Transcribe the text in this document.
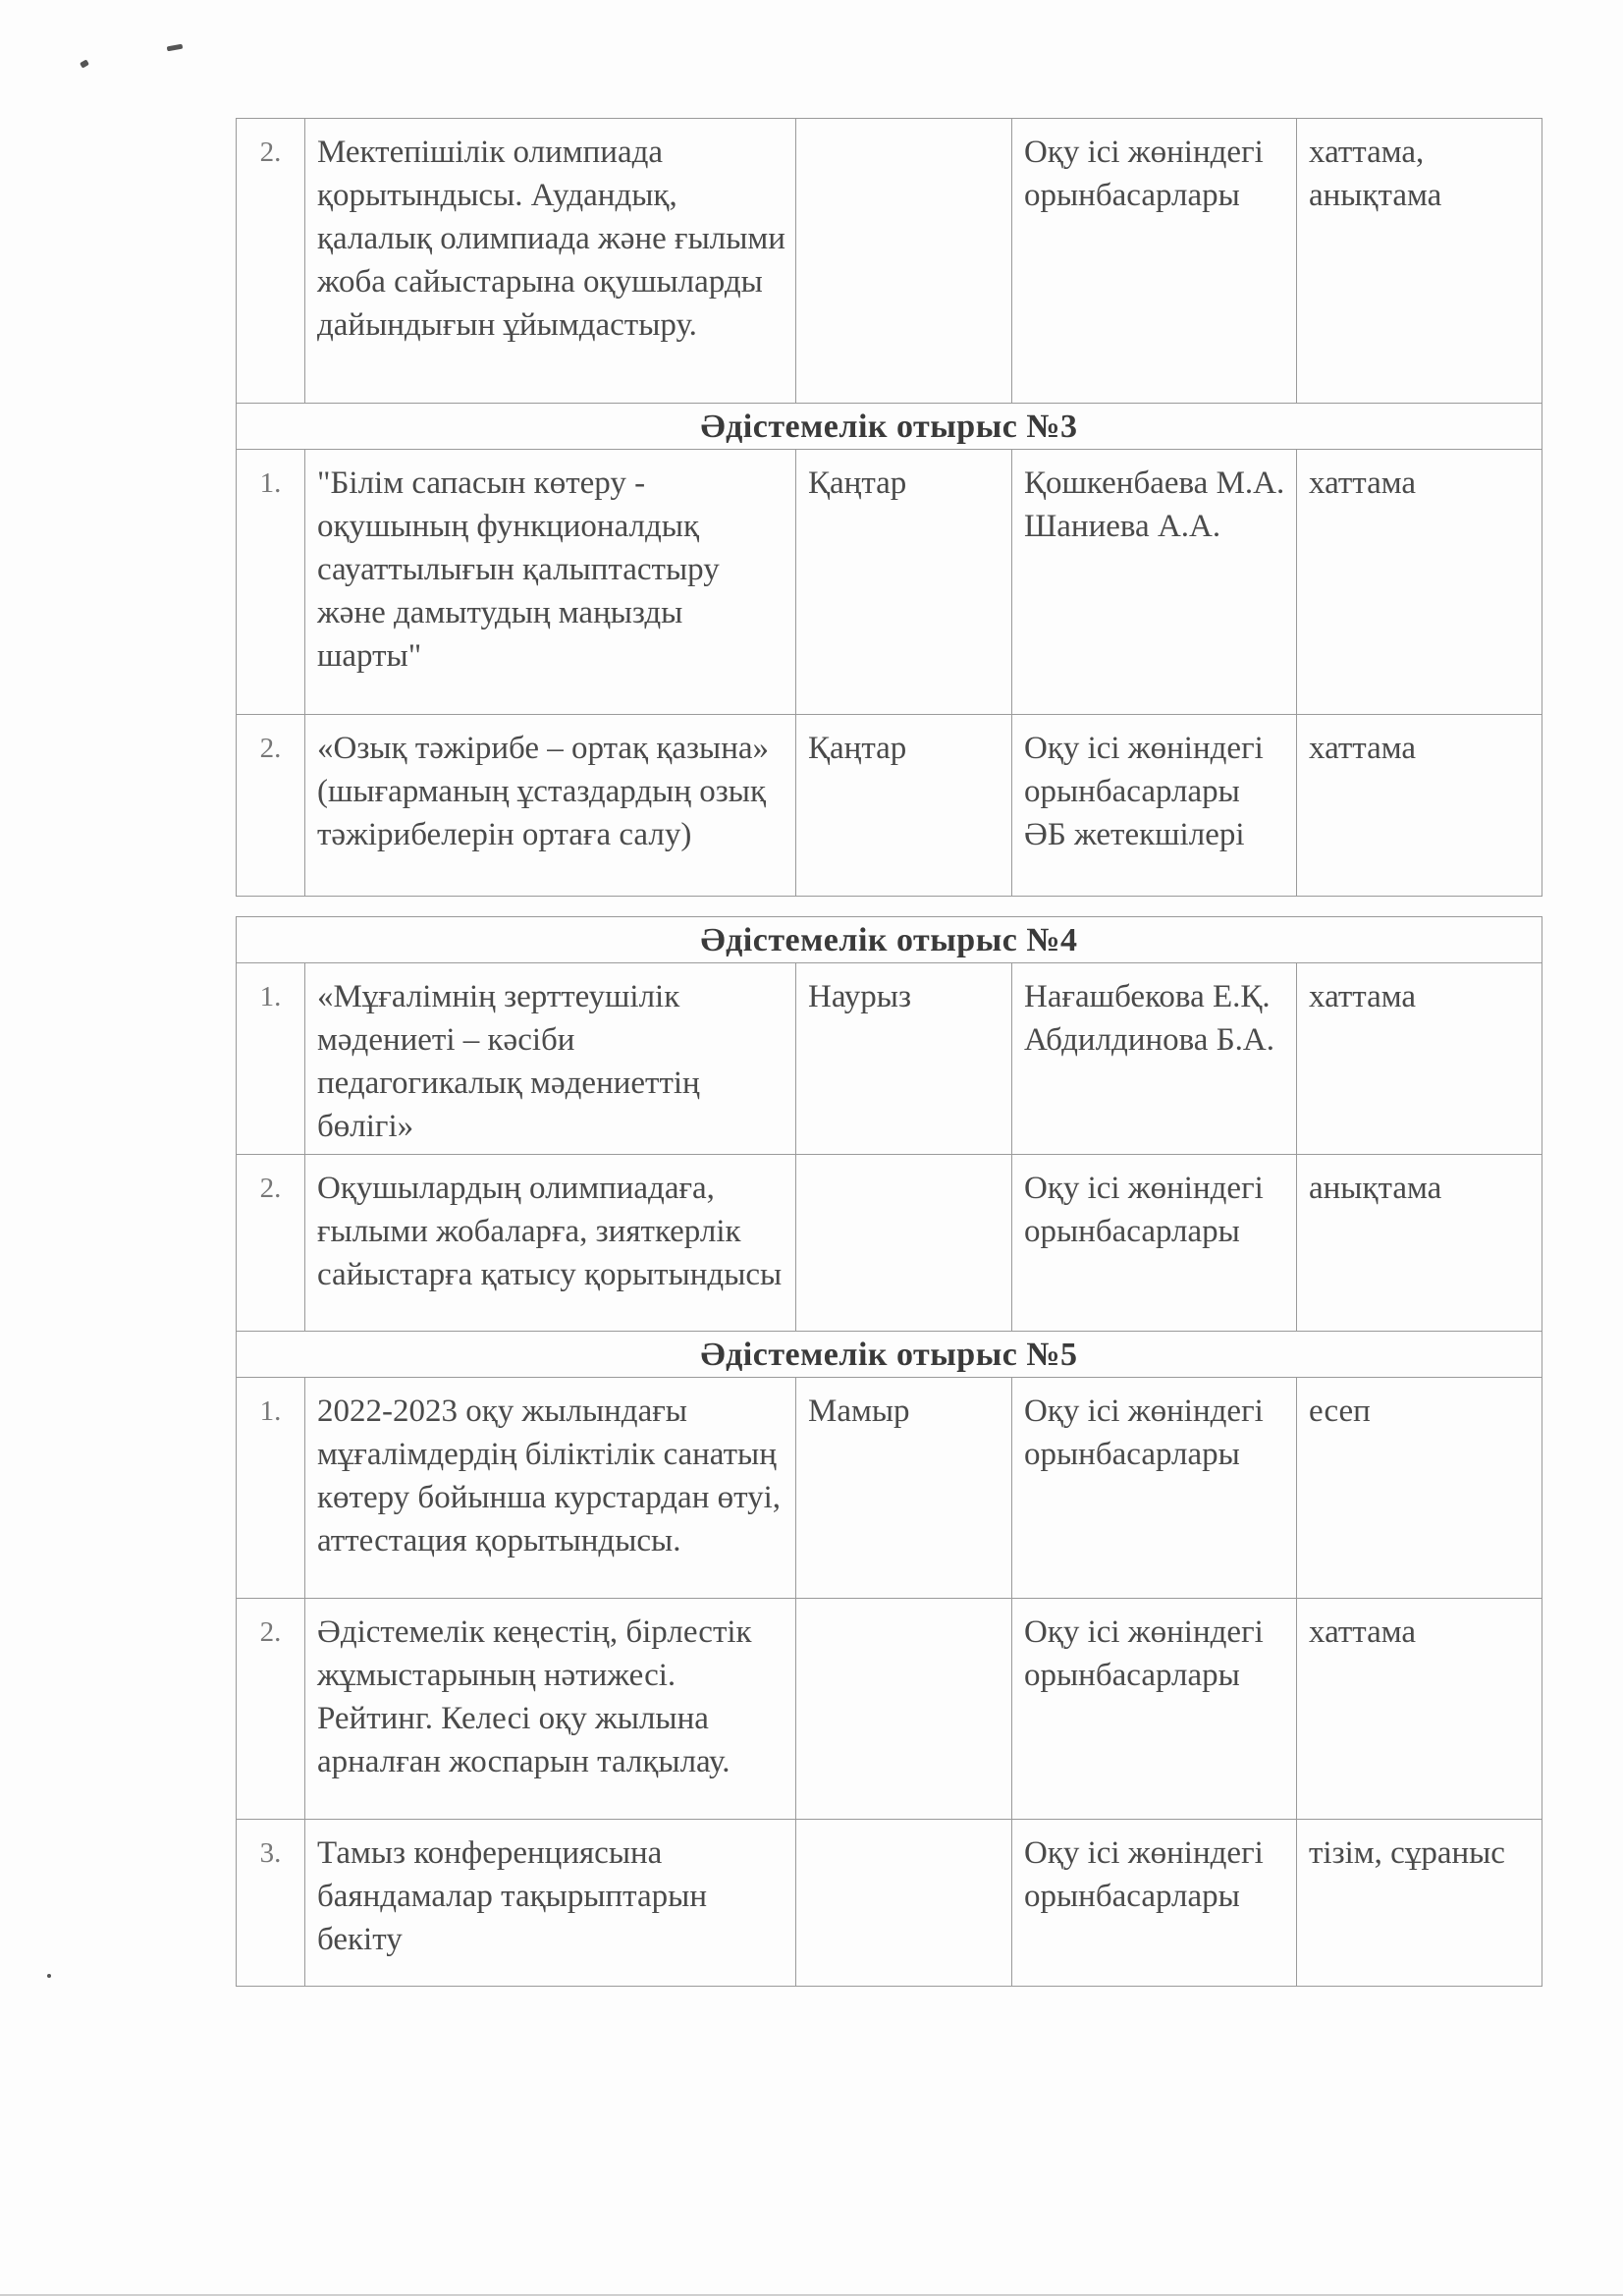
2.	Мектепішілік олимпиада қорытындысы. Аудандық, қалалық олимпиада және ғылыми жоба сайыстарына оқушыларды дайындығын ұйымдастыру.		Оқу ісі жөніндегі орынбасарлары	хаттама, анықтама
Әдістемелік отырыс №3				
1.	"Білім сапасын көтеру - оқушының функционалдық сауаттылығын қалыптастыру және дамытудың маңызды шарты"	Қаңтар	Қошкенбаева М.А. Шаниева А.А.	хаттама
2.	«Озық тәжірибе – ортақ қазына» (шығарманың ұстаздардың озық тәжірибелерін ортаға салу)	Қаңтар	Оқу ісі жөніндегі орынбасарлары ӘБ жетекшілері	хаттама

Әдістемелік отырыс №4				
1.	«Мұғалімнің зерттеушілік мәдениеті – кәсіби педагогикалық мәдениеттің бөлігі»	Наурыз	Нағашбекова Е.Қ. Абдилдинова Б.А.	хаттама
2.	Оқушылардың олимпиадаға, ғылыми жобаларға, зияткерлік сайыстарға қатысу қорытындысы		Оқу ісі жөніндегі орынбасарлары	анықтама
Әдістемелік отырыс №5				
1.	2022-2023 оқу жылындағы мұғалімдердің біліктілік санатың көтеру бойынша курстардан өтуі, аттестация қорытындысы.	Мамыр	Оқу ісі жөніндегі орынбасарлары	есеп
2.	Әдістемелік кеңестің, бірлестік жұмыстарының нәтижесі. Рейтинг. Келесі оқу жылына арналған жоспарын талқылау.		Оқу ісі жөніндегі орынбасарлары	хаттама
3.	Тамыз конференциясына баяндамалар тақырыптарын бекіту		Оқу ісі жөніндегі орынбасарлары	тізім, сұраныс
